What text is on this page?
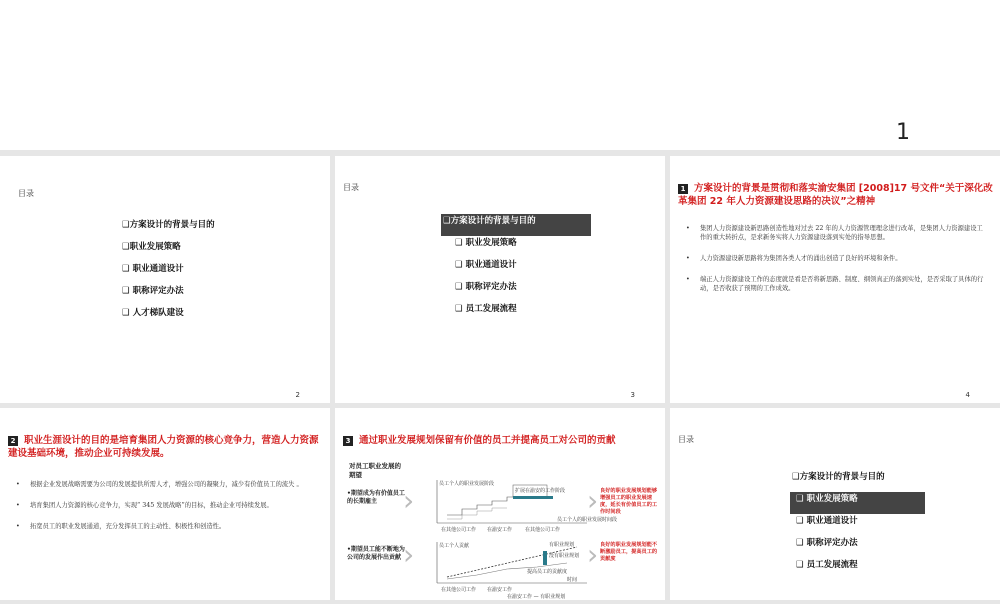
1
目录
❑方案设计的背景与目的
❑职业发展策略
❑ 职业通道设计
❑ 职称评定办法
❑ 人才梯队建设
2
目录
❑方案设计的背景与目的
❑ 职业发展策略
❑ 职业通道设计
❑ 职称评定办法
❑ 员工发展流程
3
1 方案设计的背景是贯彻和落实渝安集团 [2008]17 号文件“关于深化改革集团 22 年人力资源建设思路的决议”之精神
• 集团人力资源建设新思路创造性地对过去 22 年的人力资源管理理念进行改革，是集团人力资源建设工作的重大转折点，是求新务实将人力资源建设落到实处的指导思想。
• 人力资源建设新思路将为集团各类人才的涌出创造了良好的环境和条件。
• 端正人力资源建设工作的态度就是看是否将新思路、制度、纲领真正的落到实处，是否采取了具体的行动，是否收获了预期的工作成效。
4
2 职业生涯设计的目的是培育集团人力资源的核心竞争力，营造人力资源建设基础环境，推动企业可持续发展。
• 根据企业发展战略需要为公司的发展提供所需人才，增强公司的凝聚力，减少有价值员工的流失 。
• 培育集团人力资源的核心竞争力，实现“ 345 发展战略”的目标，推动企业可持续发展。
• 拓宽员工的职业发展通道，充分发挥员工的主动性、积极性和创造性。
3 通过职业发展规划保留有价值的员工并提高员工对公司的贡献
对员工职业发展的期望
•期望成为有价值员工的长期雇主
•期望员工能不断地为公司的发展作出贡献
›
›
›
›
员工个人的职业发展阶段
扩展在渝安的工作阶段
在其他公司工作 在渝安工作	在其他公司工作
员工个人的职业发展时间段
员工个人贡献	有职业规划
没有职业规划
提高员工的贡献度
时间
在其他公司工作 在渝安工作
在渝安工作 — 有职业规划
良好的职业发展规划能够增强员工的职业发展速度，延长有价值员工的工作时间段
良好的职业发展规划能不断激励员工，提高员工的贡献度
目录
❑方案设计的背景与目的
❑ 职业发展策略
❑ 职业通道设计
❑ 职称评定办法
❑ 员工发展流程
